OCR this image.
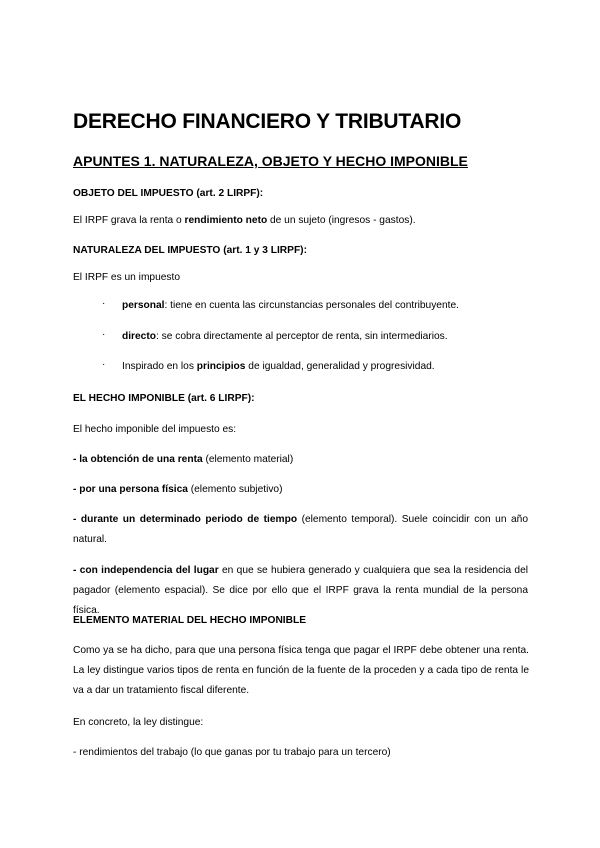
DERECHO FINANCIERO Y TRIBUTARIO
APUNTES 1. NATURALEZA, OBJETO Y HECHO IMPONIBLE
OBJETO DEL IMPUESTO (art. 2 LIRPF):
El IRPF grava la renta o rendimiento neto de un sujeto (ingresos - gastos).
NATURALEZA DEL IMPUESTO (art. 1 y 3 LIRPF):
El IRPF es un impuesto
· personal: tiene en cuenta las circunstancias personales del contribuyente.
· directo: se cobra directamente al perceptor de renta, sin intermediarios.
· Inspirado en los principios de igualdad, generalidad y progresividad.
EL HECHO IMPONIBLE (art. 6 LIRPF):
El hecho imponible del impuesto es:
- la obtención de una renta (elemento material)
- por una persona física (elemento subjetivo)
- durante un determinado periodo de tiempo (elemento temporal). Suele coincidir con un año natural.
- con independencia del lugar en que se hubiera generado y cualquiera que sea la residencia del pagador (elemento espacial). Se dice por ello que el IRPF grava la renta mundial de la persona física.
ELEMENTO MATERIAL DEL HECHO IMPONIBLE
Como ya se ha dicho, para que una persona física tenga que pagar el IRPF debe obtener una renta. La ley distingue varios tipos de renta en función de la fuente de la proceden y a cada tipo de renta le va a dar un tratamiento fiscal diferente.
En concreto, la ley distingue:
- rendimientos del trabajo (lo que ganas por tu trabajo para un tercero)
